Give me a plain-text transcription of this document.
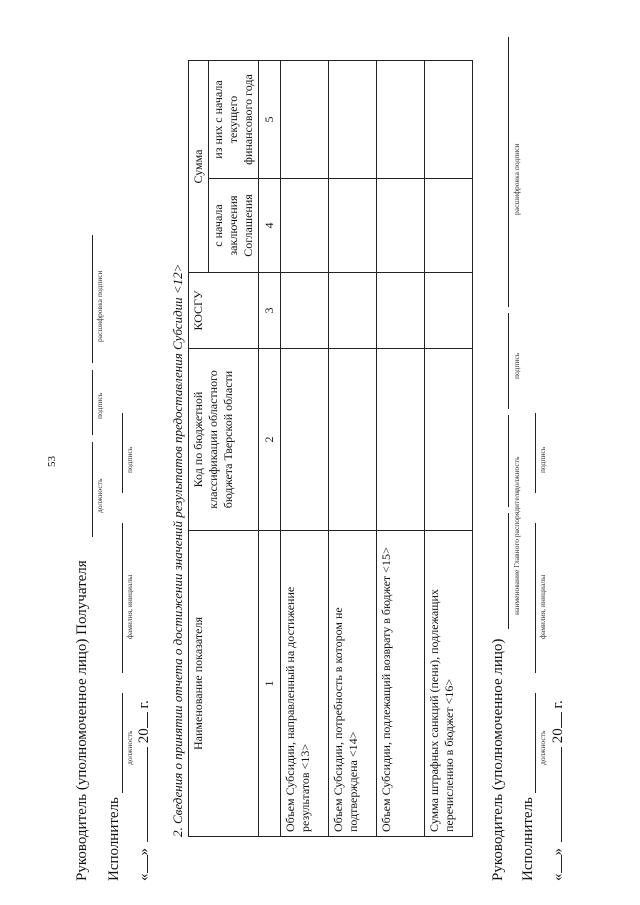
53
Руководитель (уполномоченное лицо) Получателя
должность
подпись
расшифровка подписи
Исполнитель
должность
фамилия, инициалы
подпись
«» 20 г. 2. Сведения о принятии отчета о достижении значений результатов предоставления Субсидии <12> Наименование показателя	Код по бюджетной классификации областного бюджета Тверской области	КОСГУ	Сумма	
			с начала заключения Соглашения	из них с начала текущего финансового года
1	2	3	4	5
Объем Субсидии, направленный на достижение результатов <13>				
Объем Субсидии, потребность в котором не подтверждена <14>				
Объем Субсидии, подлежащий возврату в бюджет <15>				
Сумма штрафных санкций (пени), подлежащих перечислению в бюджет <16>				Руководитель (уполномоченное лицо)
наименование Главного распорядителя
должность
подпись
расшифровка подписи
Исполнитель
должность
фамилия, инициалы
подпись
«» 20 г.
